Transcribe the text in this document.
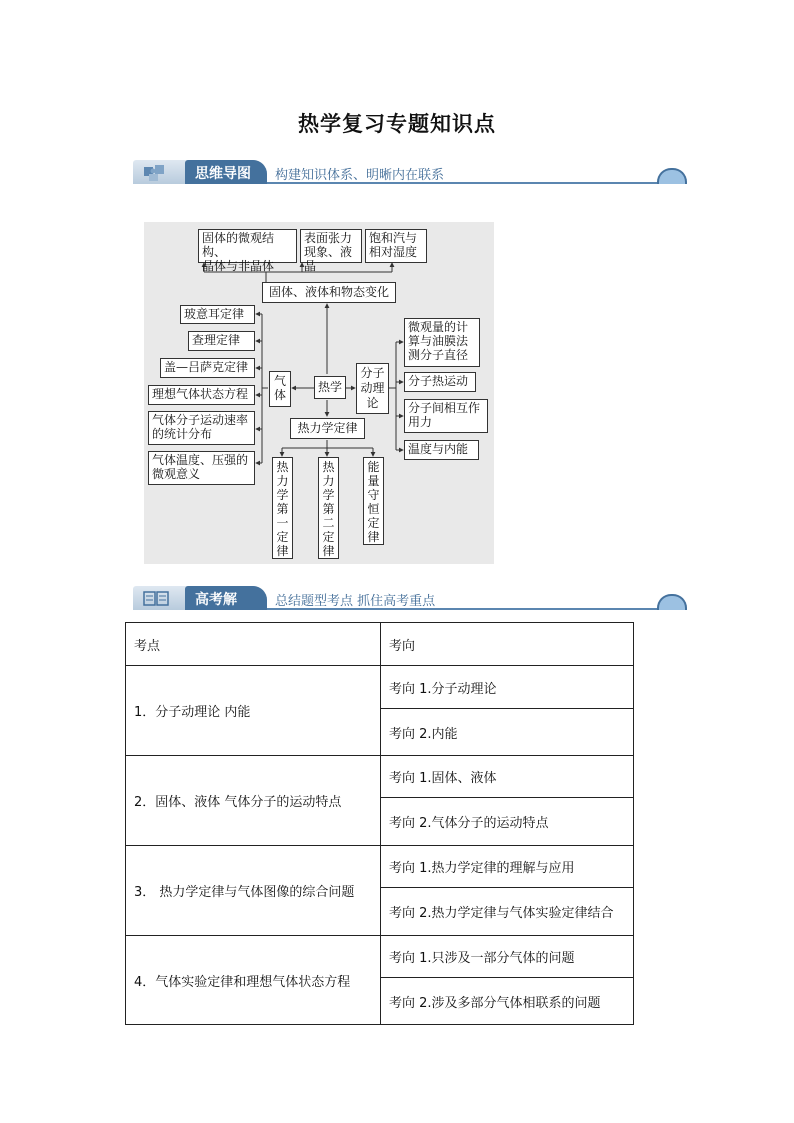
热学复习专题知识点
思维导图 构建知识体系、明晰内在联系
固体的微观结构、
晶体与非晶体
表面张力
现象、液晶
饱和汽与
相对湿度
固体、液体和物态变化
玻意耳定律
查理定律
盖—吕萨克定律
理想气体状态方程
气体分子运动速率
的统计分布
气体温度、压强的
微观意义
气
体
热学
分子
动理
论
微观量的计
算与油膜法
测分子直径
分子热运动
分子间相互作
用力
温度与内能
热力学定律
热
力
学
第
一
定
律
热
力
学
第
二
定
律
能
量
守
恒
定
律
高考解	总结题型考点 抓住高考重点
考点	考向
1．分子动理论 内能	考向 1.分子动理论
	考向 2.内能
2．固体、液体 气体分子的运动特点	考向 1.固体、液体
	考向 2.气体分子的运动特点
3． 热力学定律与气体图像的综合问题	考向 1.热力学定律的理解与应用
	考向 2.热力学定律与气体实验定律结合
4．气体实验定律和理想气体状态方程	考向 1.只涉及一部分气体的问题
	考向 2.涉及多部分气体相联系的问题
